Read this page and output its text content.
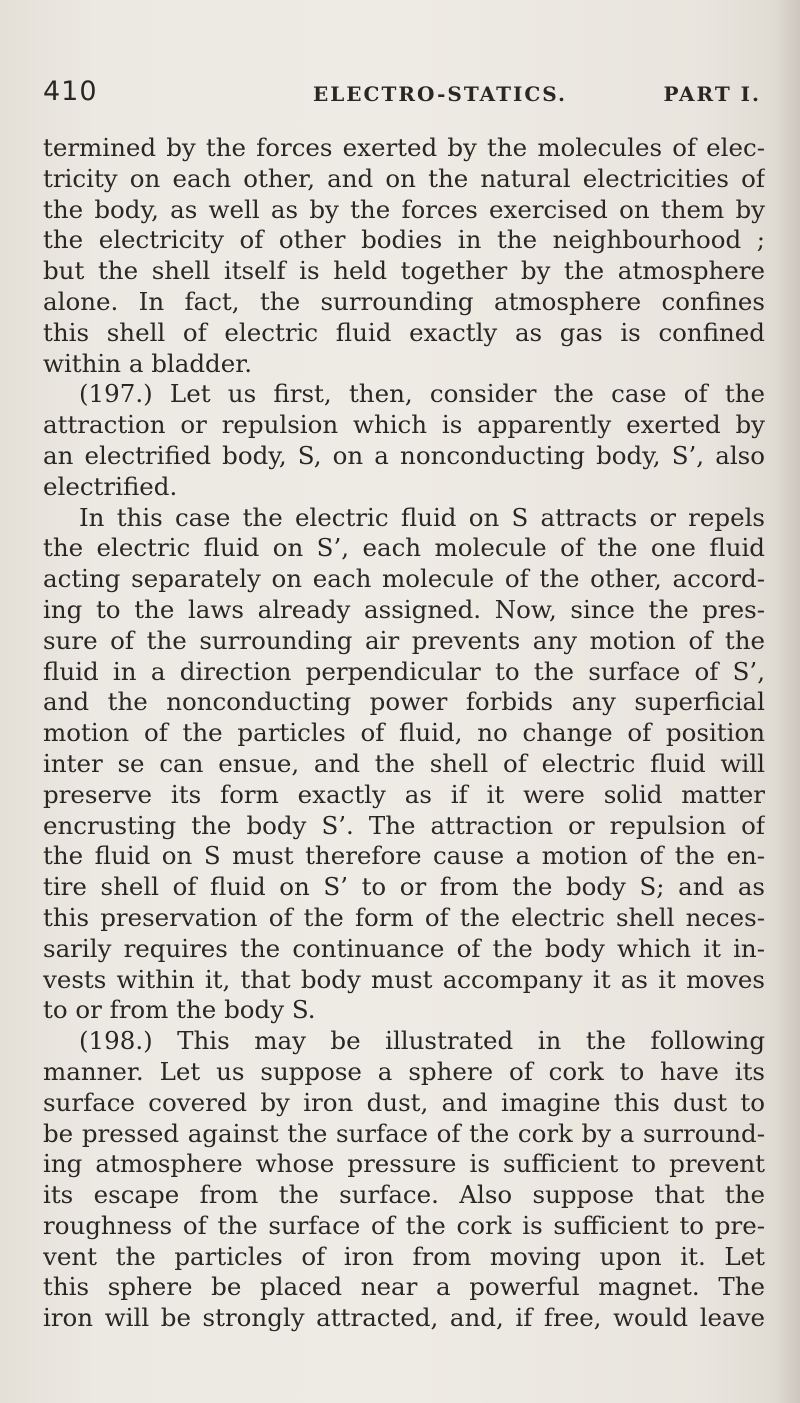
410	ELECTRO-STATICS.	PART I.
termined by the forces exerted by the molecules of elec-
tricity on each other, and on the natural electricities of
the body, as well as by the forces exercised on them by
the electricity of other bodies in the neighbourhood ;
but the shell itself is held together by the atmosphere
alone. In fact, the surrounding atmosphere confines
this shell of electric fluid exactly as gas is confined
within a bladder.
(197.) Let us first, then, consider the case of the
attraction or repulsion which is apparently exerted by
an electrified body, S, on a nonconducting body, S’, also
electrified.
In this case the electric fluid on S attracts or repels
the electric fluid on S’, each molecule of the one fluid
acting separately on each molecule of the other, accord-
ing to the laws already assigned. Now, since the pres-
sure of the surrounding air prevents any motion of the
fluid in a direction perpendicular to the surface of S’,
and the nonconducting power forbids any superficial
motion of the particles of fluid, no change of position
inter se can ensue, and the shell of electric fluid will
preserve its form exactly as if it were solid matter
encrusting the body S’. The attraction or repulsion of
the fluid on S must therefore cause a motion of the en-
tire shell of fluid on S’ to or from the body S; and as
this preservation of the form of the electric shell neces-
sarily requires the continuance of the body which it in-
vests within it, that body must accompany it as it moves
to or from the body S.
(198.) This may be illustrated in the following
manner. Let us suppose a sphere of cork to have its
surface covered by iron dust, and imagine this dust to
be pressed against the surface of the cork by a surround-
ing atmosphere whose pressure is sufficient to prevent
its escape from the surface. Also suppose that the
roughness of the surface of the cork is sufficient to pre-
vent the particles of iron from moving upon it. Let
this sphere be placed near a powerful magnet. The
iron will be strongly attracted, and, if free, would leave
